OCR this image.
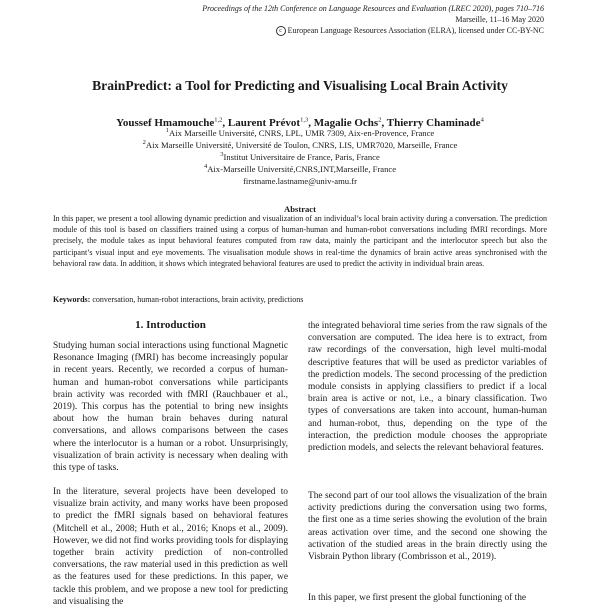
Proceedings of the 12th Conference on Language Resources and Evaluation (LREC 2020), pages 710–716
Marseille, 11–16 May 2020
c European Language Resources Association (ELRA), licensed under CC-BY-NC
BrainPredict: a Tool for Predicting and Visualising Local Brain Activity
Youssef Hmamouche$^{1,2}$, Laurent Prévot$^{1,3}$, Magalie Ochs$^2$, Thierry Chaminade$^4$
$^1$Aix Marseille Université, CNRS, LPL, UMR 7309, Aix-en-Provence, France
$^2$Aix Marseille Université, Université de Toulon, CNRS, LIS, UMR7020, Marseille, France
$^3$Institut Universitaire de France, Paris, France
$^4$Aix-Marseille Université,CNRS,INT,Marseille, France
firstname.lastname@univ-amu.fr
Abstract
In this paper, we present a tool allowing dynamic prediction and visualization of an individual’s local brain activity during a conversation. The prediction module of this tool is based on classifiers trained using a corpus of human-human and human-robot conversations including fMRI recordings. More precisely, the module takes as input behavioral features computed from raw data, mainly the participant and the interlocutor speech but also the participant’s visual input and eye movements. The visualisation module shows in real-time the dynamics of brain active areas synchronised with the behavioral raw data. In addition, it shows which integrated behavioral features are used to predict the activity in individual brain areas.
Keywords: conversation, human-robot interactions, brain activity, predictions
1. Introduction
Studying human social interactions using functional Magnetic Resonance Imaging (fMRI) has become increasingly popular in recent years. Recently, we recorded a corpus of human-human and human-robot conversations while participants brain activity was recorded with fMRI (Rauchbauer et al., 2019). This corpus has the potential to bring new insights about how the human brain behaves during natural conversations, and allows comparisons between the cases where the interlocutor is a human or a robot. Unsurprisingly, visualization of brain activity is necessary when dealing with this type of tasks.
In the literature, several projects have been developed to visualize brain activity, and many works have been proposed to predict the fMRI signals based on behavioral features (Mitchell et al., 2008; Huth et al., 2016; Knops et al., 2009). However, we did not find works providing tools for displaying together brain activity prediction of non-controlled conversations, the raw material used in this prediction as well as the features used for these predictions. In this paper, we tackle this problem, and we propose a new tool for predicting and visualising the
the integrated behavioral time series from the raw signals of the conversation are computed. The idea here is to extract, from raw recordings of the conversation, high level multi-modal descriptive features that will be used as predictor variables of the prediction models. The second processing of the prediction module consists in applying classifiers to predict if a local brain area is active or not, i.e., a binary classification. Two types of conversations are taken into account, human-human and human-robot, thus, depending on the type of the interaction, the prediction module chooses the appropriate prediction models, and selects the relevant behavioral features.
The second part of our tool allows the visualization of the brain activity predictions during the conversation using two forms, the first one as a time series showing the evolution of the brain areas activation over time, and the second one showing the activation of the studied areas in the brain directly using the Visbrain Python library (Combrisson et al., 2019).
In this paper, we first present the global functioning of the
